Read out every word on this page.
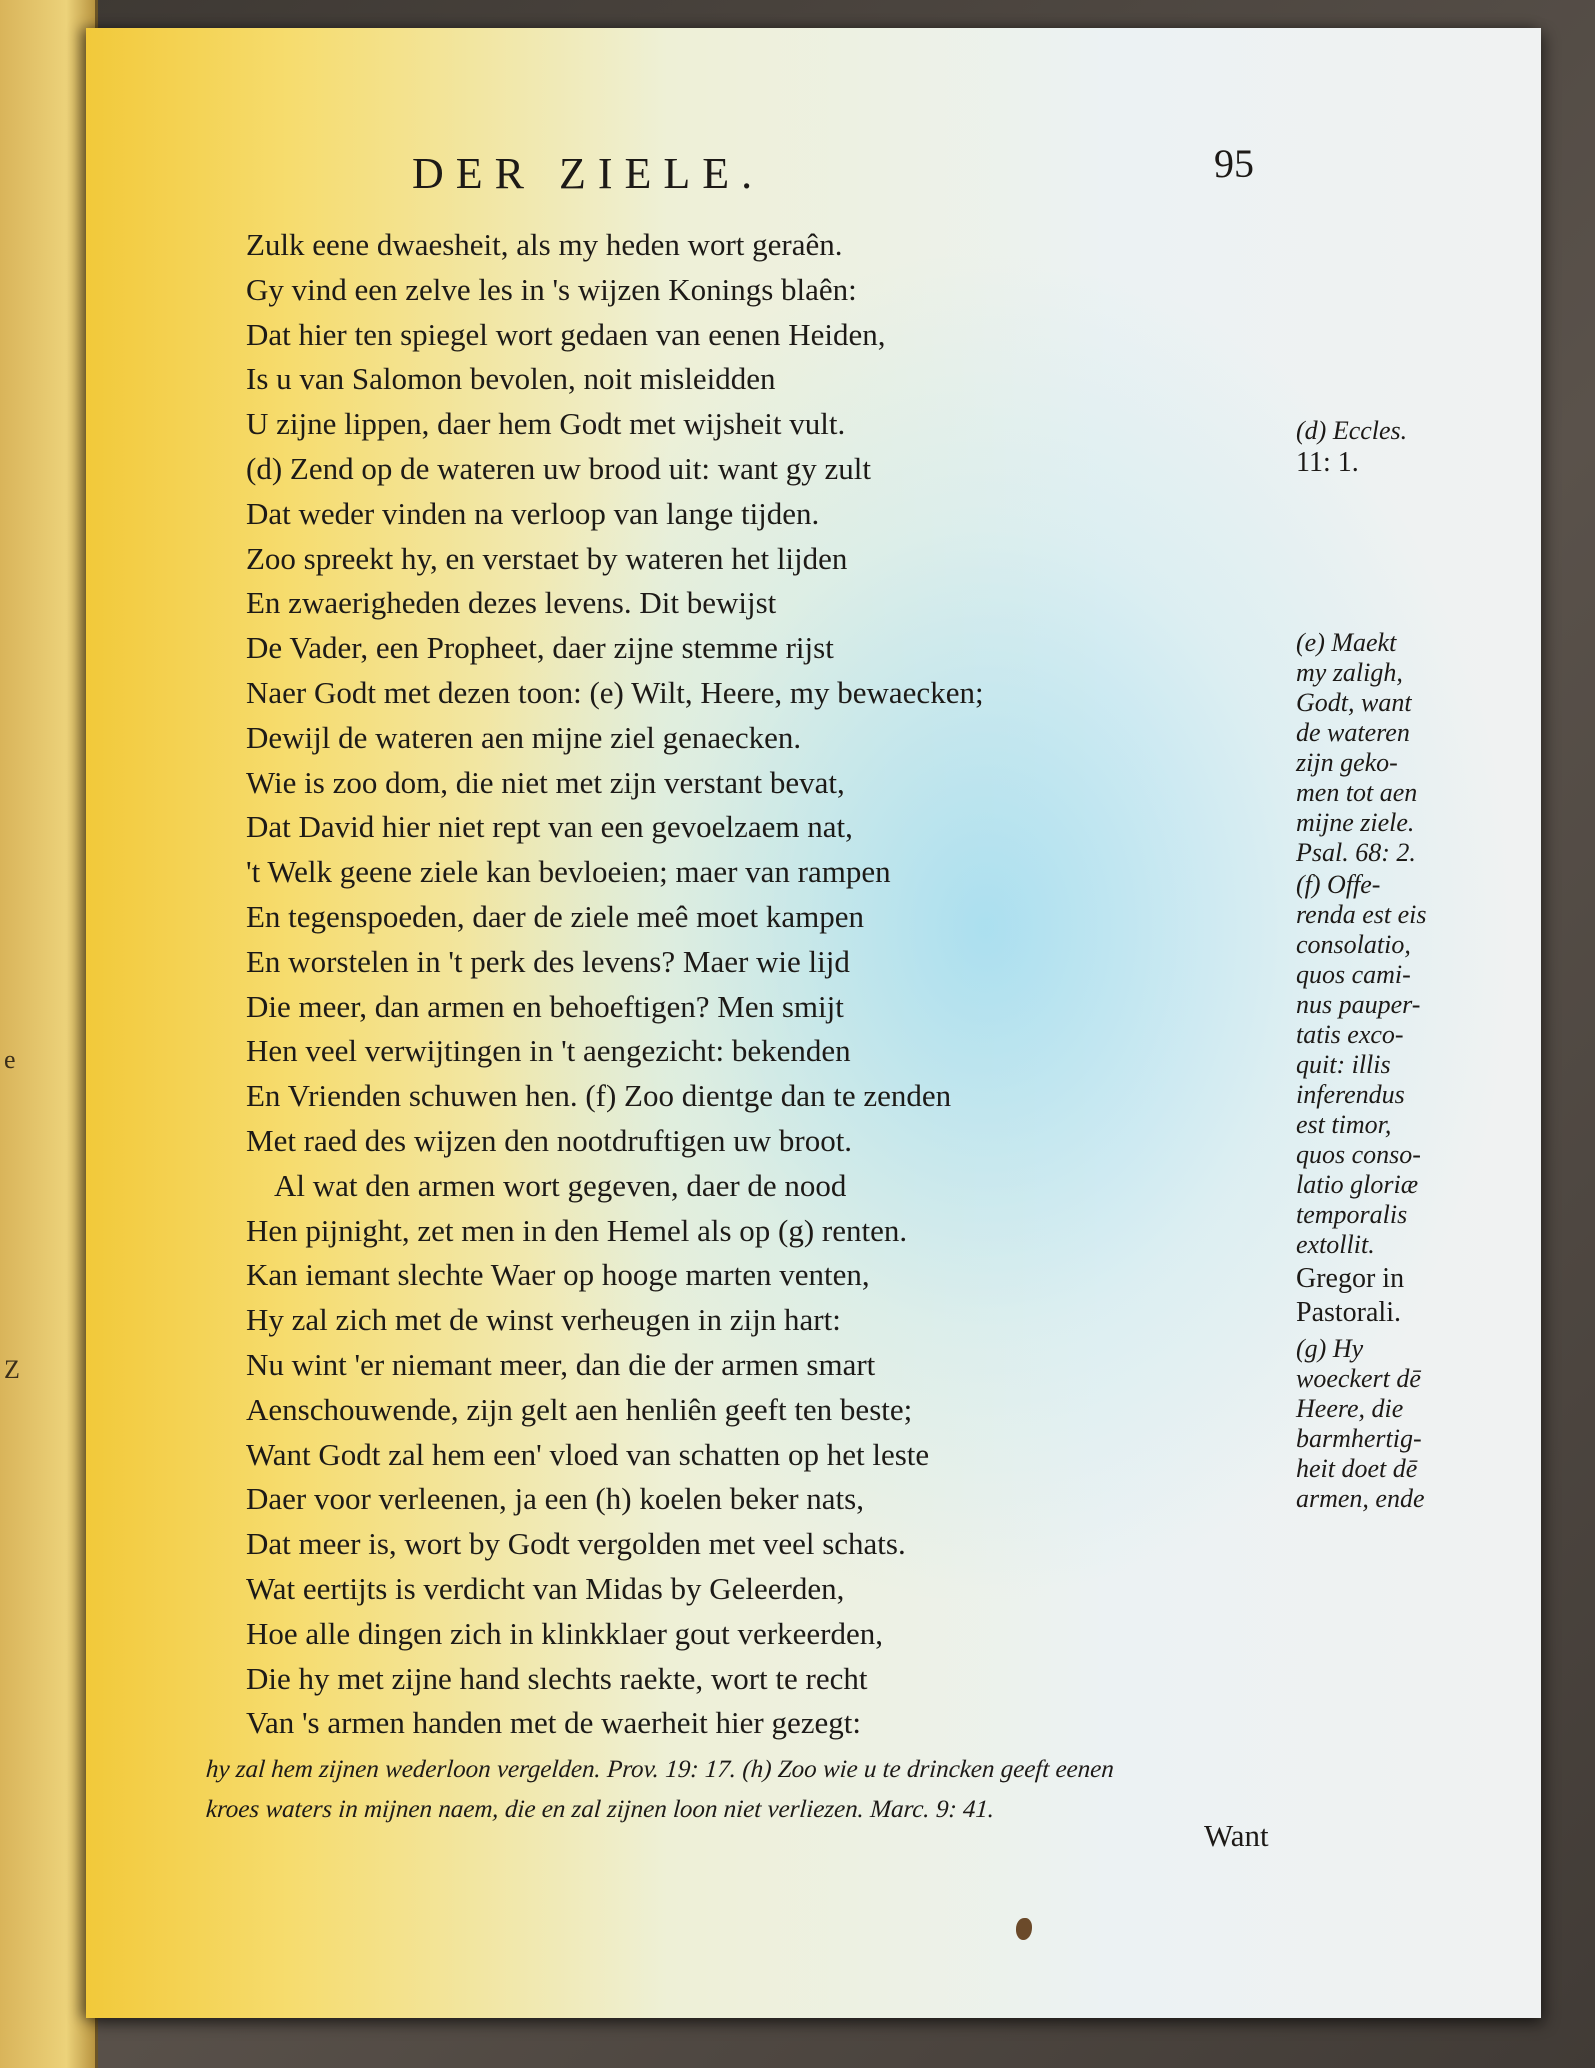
e
Z
DER ZIELE.	95
Zulk eene dwaesheit, als my heden wort geraên.
Gy vind een zelve les in 's wijzen Konings blaên:
Dat hier ten spiegel wort gedaen van eenen Heiden,
Is u van Salomon bevolen, noit misleidden
U zijne lippen, daer hem Godt met wijsheit vult.
(d) Zend op de wateren uw brood uit: want gy zult
Dat weder vinden na verloop van lange tijden.
Zoo spreekt hy, en verstaet by wateren het lijden
En zwaerigheden dezes levens. Dit bewijst
De Vader, een Propheet, daer zijne stemme rijst
Naer Godt met dezen toon: (e) Wilt, Heere, my bewaecken;
Dewijl de wateren aen mijne ziel genaecken.
Wie is zoo dom, die niet met zijn verstant bevat,
Dat David hier niet rept van een gevoelzaem nat,
't Welk geene ziele kan bevloeien; maer van rampen
En tegenspoeden, daer de ziele meê moet kampen
En worstelen in 't perk des levens? Maer wie lijd
Die meer, dan armen en behoeftigen? Men smijt
Hen veel verwijtingen in 't aengezicht: bekenden
En Vrienden schuwen hen. (f) Zoo dientge dan te zenden
Met raed des wijzen den nootdruftigen uw broot.
Al wat den armen wort gegeven, daer de nood
Hen pijnight, zet men in den Hemel als op (g) renten.
Kan iemant slechte Waer op hooge marten venten,
Hy zal zich met de winst verheugen in zijn hart:
Nu wint 'er niemant meer, dan die der armen smart
Aenschouwende, zijn gelt aen henliên geeft ten beste;
Want Godt zal hem een' vloed van schatten op het leste
Daer voor verleenen, ja een (h) koelen beker nats,
Dat meer is, wort by Godt vergolden met veel schats.
Wat eertijts is verdicht van Midas by Geleerden,
Hoe alle dingen zich in klinkklaer gout verkeerden,
Die hy met zijne hand slechts raekte, wort te recht
Van 's armen handen met de waerheit hier gezegt:
(d) Eccles.
11: 1.
(e) Maekt
my zaligh,
Godt, want
de wateren
zijn geko-
men tot aen
mijne ziele.
Psal. 68: 2.
(f) Offe-
renda est eis
consolatio,
quos cami-
nus pauper-
tatis exco-
quit: illis
inferendus
est timor,
quos conso-
latio gloriæ
temporalis
extollit.
Gregor in
Pastorali.
(g) Hy
woeckert dē
Heere, die
barmhertig-
heit doet dē
armen, ende
hy zal hem zijnen wederloon vergelden. Prov. 19: 17. (h) Zoo wie u te drincken geeft eenen
kroes waters in mijnen naem, die en zal zijnen loon niet verliezen. Marc. 9: 41.
Want
